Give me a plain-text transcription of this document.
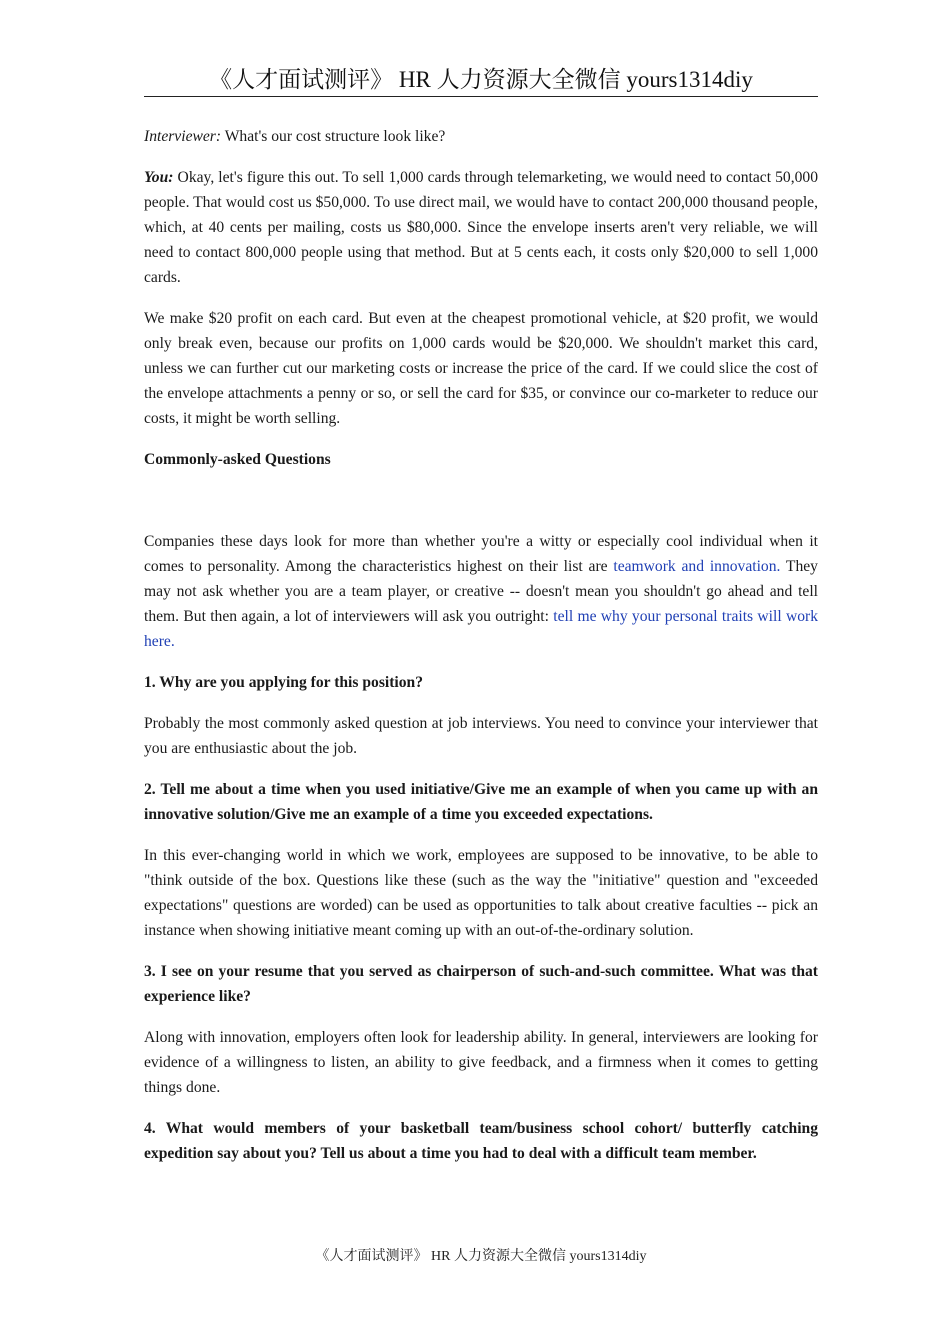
《人才面试测评》 HR 人力资源大全微信 yours1314diy

Interviewer: What's our cost structure look like?

You: Okay, let's figure this out. To sell 1,000 cards through telemarketing, we would need to contact 50,000 people. That would cost us $50,000. To use direct mail, we would have to contact 200,000 thousand people, which, at 40 cents per mailing, costs us $80,000. Since the envelope inserts aren't very reliable, we will need to contact 800,000 people using that method. But at 5 cents each, it costs only $20,000 to sell 1,000 cards.

We make $20 profit on each card. But even at the cheapest promotional vehicle, at $20 profit, we would only break even, because our profits on 1,000 cards would be $20,000. We shouldn't market this card, unless we can further cut our marketing costs or increase the price of the card. If we could slice the cost of the envelope attachments a penny or so, or sell the card for $35, or convince our co-marketer to reduce our costs, it might be worth selling.

Commonly-asked Questions

Companies these days look for more than whether you're a witty or especially cool individual when it comes to personality. Among the characteristics highest on their list are teamwork and innovation. They may not ask whether you are a team player, or creative -- doesn't mean you shouldn't go ahead and tell them. But then again, a lot of interviewers will ask you outright: tell me why your personal traits will work here.

1. Why are you applying for this position?

Probably the most commonly asked question at job interviews. You need to convince your interviewer that you are enthusiastic about the job.

2. Tell me about a time when you used initiative/Give me an example of when you came up with an innovative solution/Give me an example of a time you exceeded expectations.

In this ever-changing world in which we work, employees are supposed to be innovative, to be able to "think outside of the box. Questions like these (such as the way the "initiative" question and "exceeded expectations" questions are worded) can be used as opportunities to talk about creative faculties -- pick an instance when showing initiative meant coming up with an out-of-the-ordinary solution.

3. I see on your resume that you served as chairperson of such-and-such committee. What was that experience like?

Along with innovation, employers often look for leadership ability. In general, interviewers are looking for evidence of a willingness to listen, an ability to give feedback, and a firmness when it comes to getting things done.

4. What would members of your basketball team/business school cohort/ butterfly catching expedition say about you? Tell us about a time you had to deal with a difficult team member.

《人才面试测评》 HR 人力资源大全微信 yours1314diy
